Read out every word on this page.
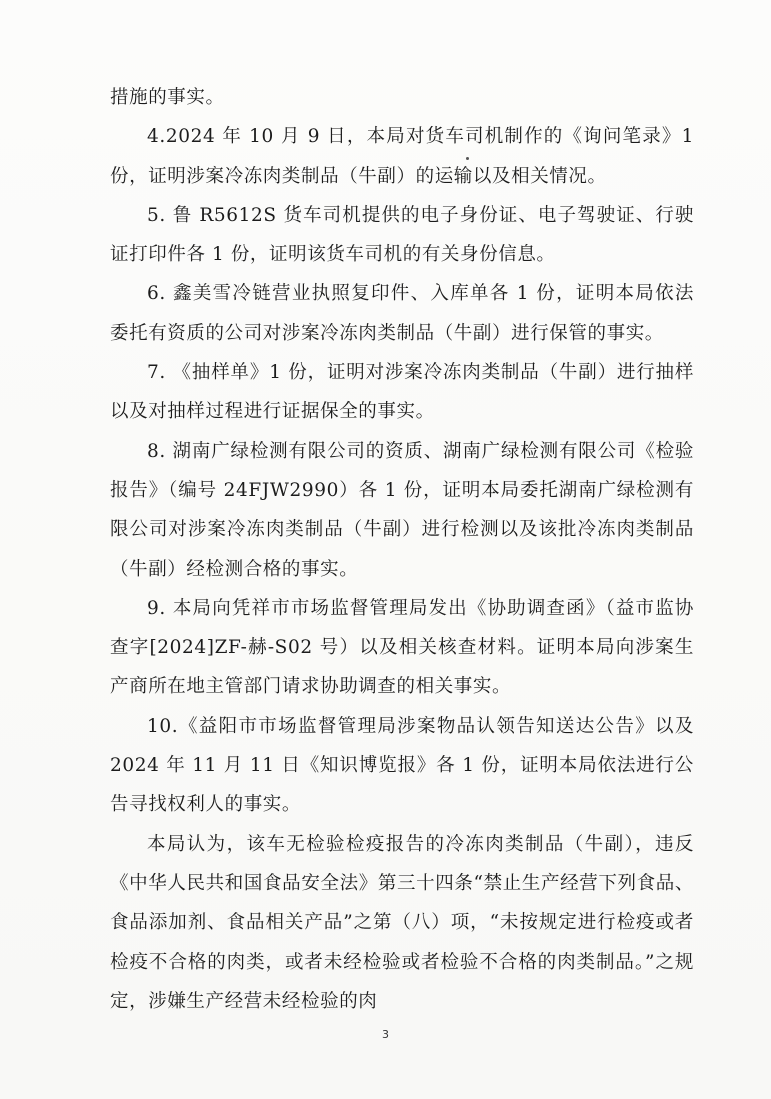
措施的事实。

4.2024 年 10 月 9 日，本局对货车司机制作的《询问笔录》1 份，证明涉案冷冻肉类制品（牛副）的运输以及相关情况。

5. 鲁 R5612S 货车司机提供的电子身份证、电子驾驶证、行驶证打印件各 1 份，证明该货车司机的有关身份信息。

6. 鑫美雪冷链营业执照复印件、入库单各 1 份，证明本局依法委托有资质的公司对涉案冷冻肉类制品（牛副）进行保管的事实。

7. 《抽样单》1 份，证明对涉案冷冻肉类制品（牛副）进行抽样以及对抽样过程进行证据保全的事实。

8. 湖南广绿检测有限公司的资质、湖南广绿检测有限公司《检验报告》（编号 24FJW2990）各 1 份，证明本局委托湖南广绿检测有限公司对涉案冷冻肉类制品（牛副）进行检测以及该批冷冻肉类制品（牛副）经检测合格的事实。

9. 本局向凭祥市市场监督管理局发出《协助调查函》（益市监协查字[2024]ZF-赫-S02 号）以及相关核查材料。证明本局向涉案生产商所在地主管部门请求协助调查的相关事实。

10.《益阳市市场监督管理局涉案物品认领告知送达公告》以及 2024 年 11 月 11 日《知识博览报》各 1 份，证明本局依法进行公告寻找权利人的事实。

本局认为，该车无检验检疫报告的冷冻肉类制品（牛副），违反《中华人民共和国食品安全法》第三十四条“禁止生产经营下列食品、食品添加剂、食品相关产品”之第（八）项，“未按规定进行检疫或者检疫不合格的肉类，或者未经检验或者检验不合格的肉类制品。”之规定，涉嫌生产经营未经检验的肉

3
